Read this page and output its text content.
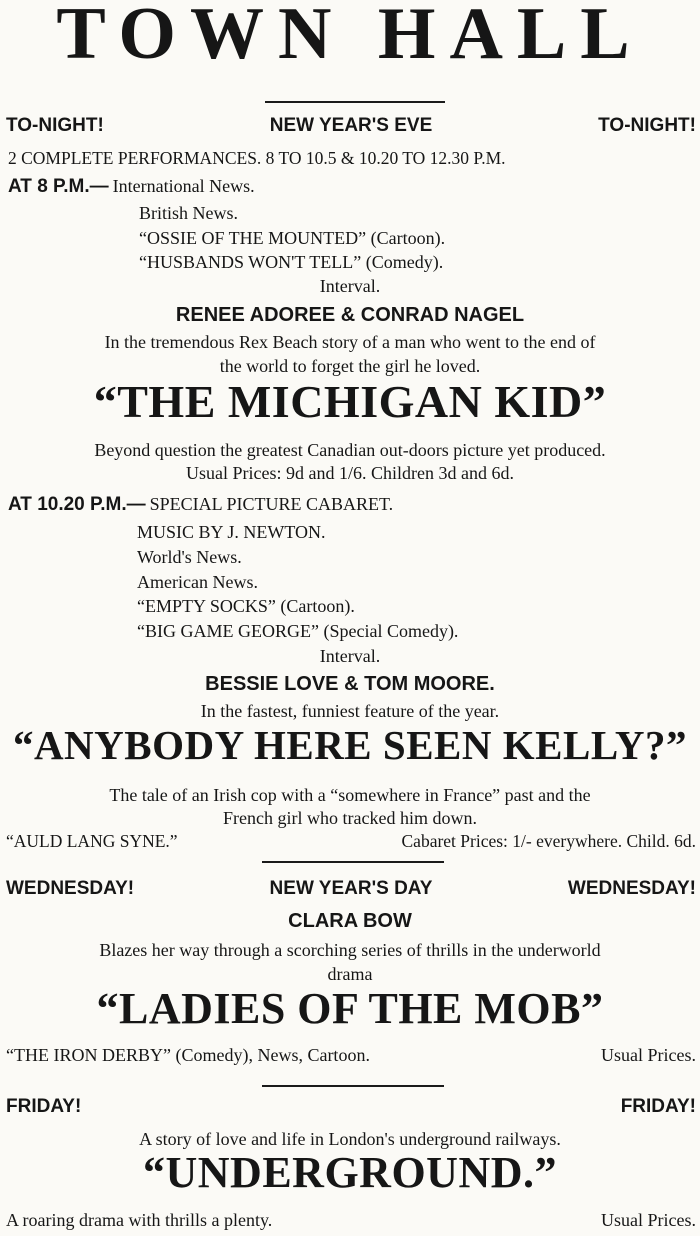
TOWN HALL
TO-NIGHT!	NEW YEAR'S EVE	TO-NIGHT!
2 COMPLETE PERFORMANCES. 8 TO 10.5 & 10.20 TO 12.30 P.M.
AT 8 P.M.— International News.
British News.
“OSSIE OF THE MOUNTED” (Cartoon).
“HUSBANDS WON'T TELL” (Comedy).
Interval.
RENEE ADOREE & CONRAD NAGEL
In the tremendous Rex Beach story of a man who went to the end of
the world to forget the girl he loved.
“THE MICHIGAN KID”
Beyond question the greatest Canadian out-doors picture yet produced.
Usual Prices: 9d and 1/6. Children 3d and 6d.
AT 10.20 P.M.— SPECIAL PICTURE CABARET.
MUSIC BY J. NEWTON.
World's News.
American News.
“EMPTY SOCKS” (Cartoon).
“BIG GAME GEORGE” (Special Comedy).
Interval.
BESSIE LOVE & TOM MOORE.
In the fastest, funniest feature of the year.
“ANYBODY HERE SEEN KELLY?”
The tale of an Irish cop with a “somewhere in France” past and the
French girl who tracked him down.
“AULD LANG SYNE.”	Cabaret Prices: 1/- everywhere. Child. 6d.
WEDNESDAY!	NEW YEAR'S DAY	WEDNESDAY!
CLARA BOW
Blazes her way through a scorching series of thrills in the underworld
drama
“LADIES OF THE MOB”
“THE IRON DERBY” (Comedy), News, Cartoon.	Usual Prices.
FRIDAY!	FRIDAY!
A story of love and life in London's underground railways.
“UNDERGROUND.”
A roaring drama with thrills a plenty.	Usual Prices.
